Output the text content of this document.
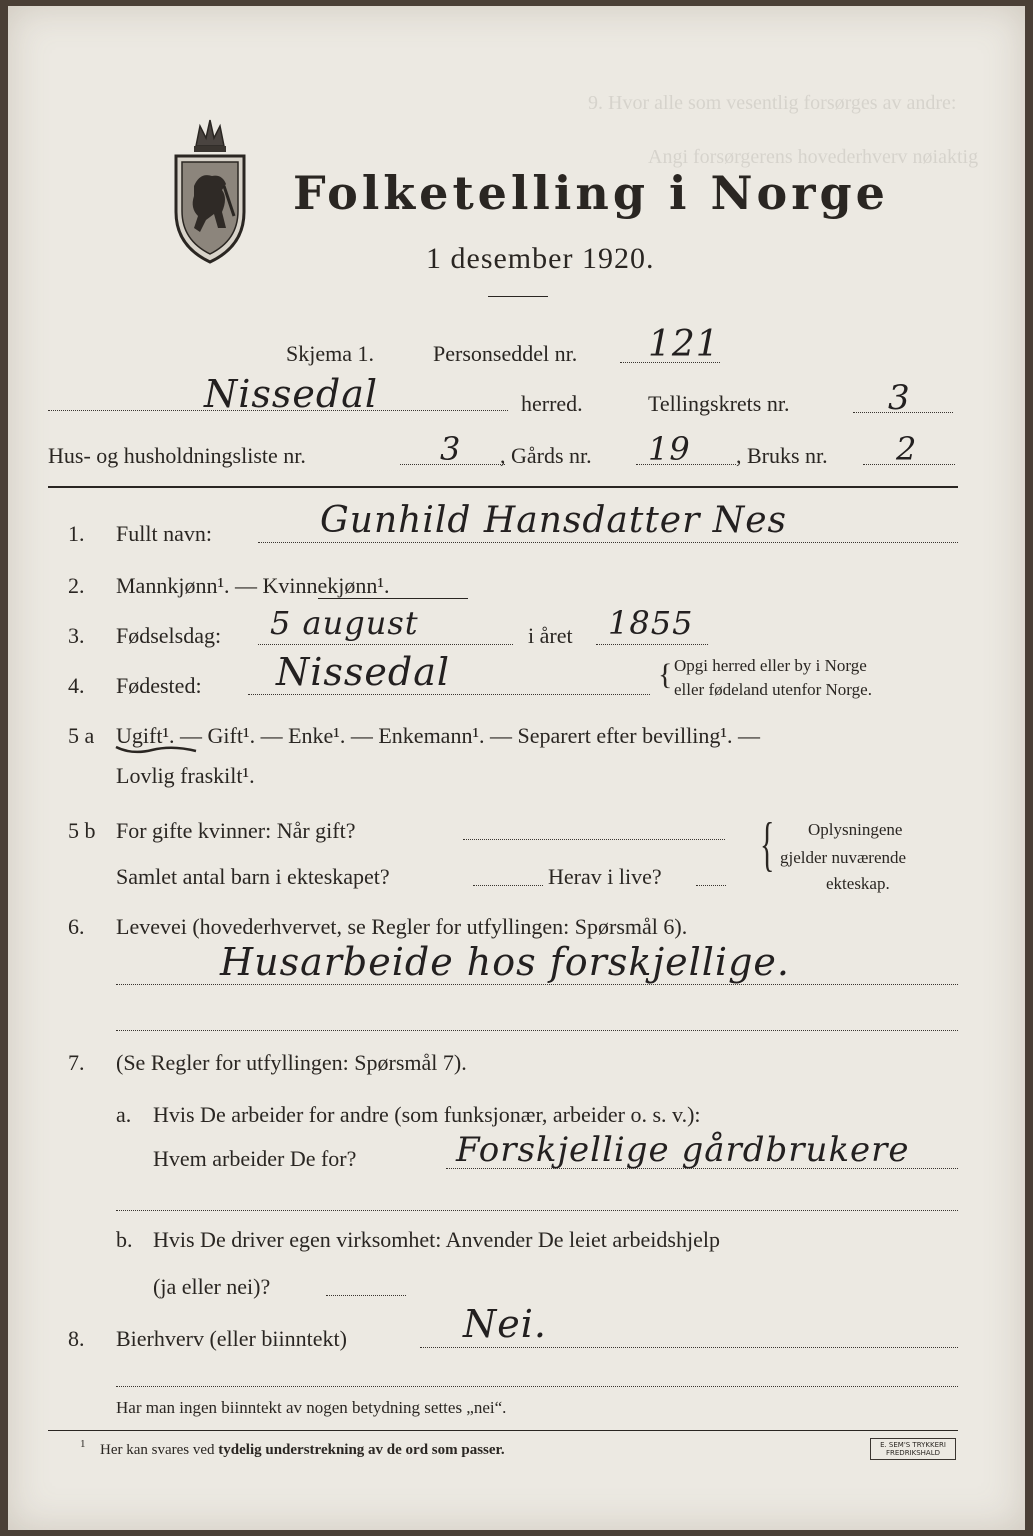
9. Hvor alle som vesentlig forsørges av andre:
Angi forsørgerens hovederhverv nøiaktig
Folketelling i Norge
1 desember 1920.
Skjema 1.	Personseddel nr. 121
Nissedal	herred.	Tellingskrets nr.	3
Hus- og husholdningsliste nr.	3 , Gårds nr. 19 , Bruks nr. 2
1. Fullt navn:	Gunhild Hansdatter Nes
2. Mannkjønn¹. — Kvinnekjønn¹.
3. Fødselsdag: 5 august	i året 1855
4. Fødested: Nissedal	{ Opgi herred eller by i Norge
eller fødeland utenfor Norge.
5 a Ugift¹. — Gift¹. — Enke¹. — Enkemann¹. — Separert efter bevilling¹. —
Lovlig fraskilt¹.
5 b For gifte kvinner: Når gift?
Samlet antal barn i ekteskapet?	Herav i live? { Oplysningene
gjelder nuværende
ekteskap.
6. Levevei (hovederhvervet, se Regler for utfyllingen: Spørsmål 6).
Husarbeide hos forskjellige.
7. (Se Regler for utfyllingen: Spørsmål 7).
a. Hvis De arbeider for andre (som funksjonær, arbeider o. s. v.):
Hvem arbeider De for?	Forskjellige gårdbrukere
b. Hvis De driver egen virksomhet: Anvender De leiet arbeidshjelp
(ja eller nei)?
8. Bierhverv (eller biinntekt)	Nei.
Har man ingen biinntekt av nogen betydning settes „nei“.
1 Her kan svares ved tydelig understrekning av de ord som passer.	E. SEM'S TRYKKERI FREDRIKSHALD
